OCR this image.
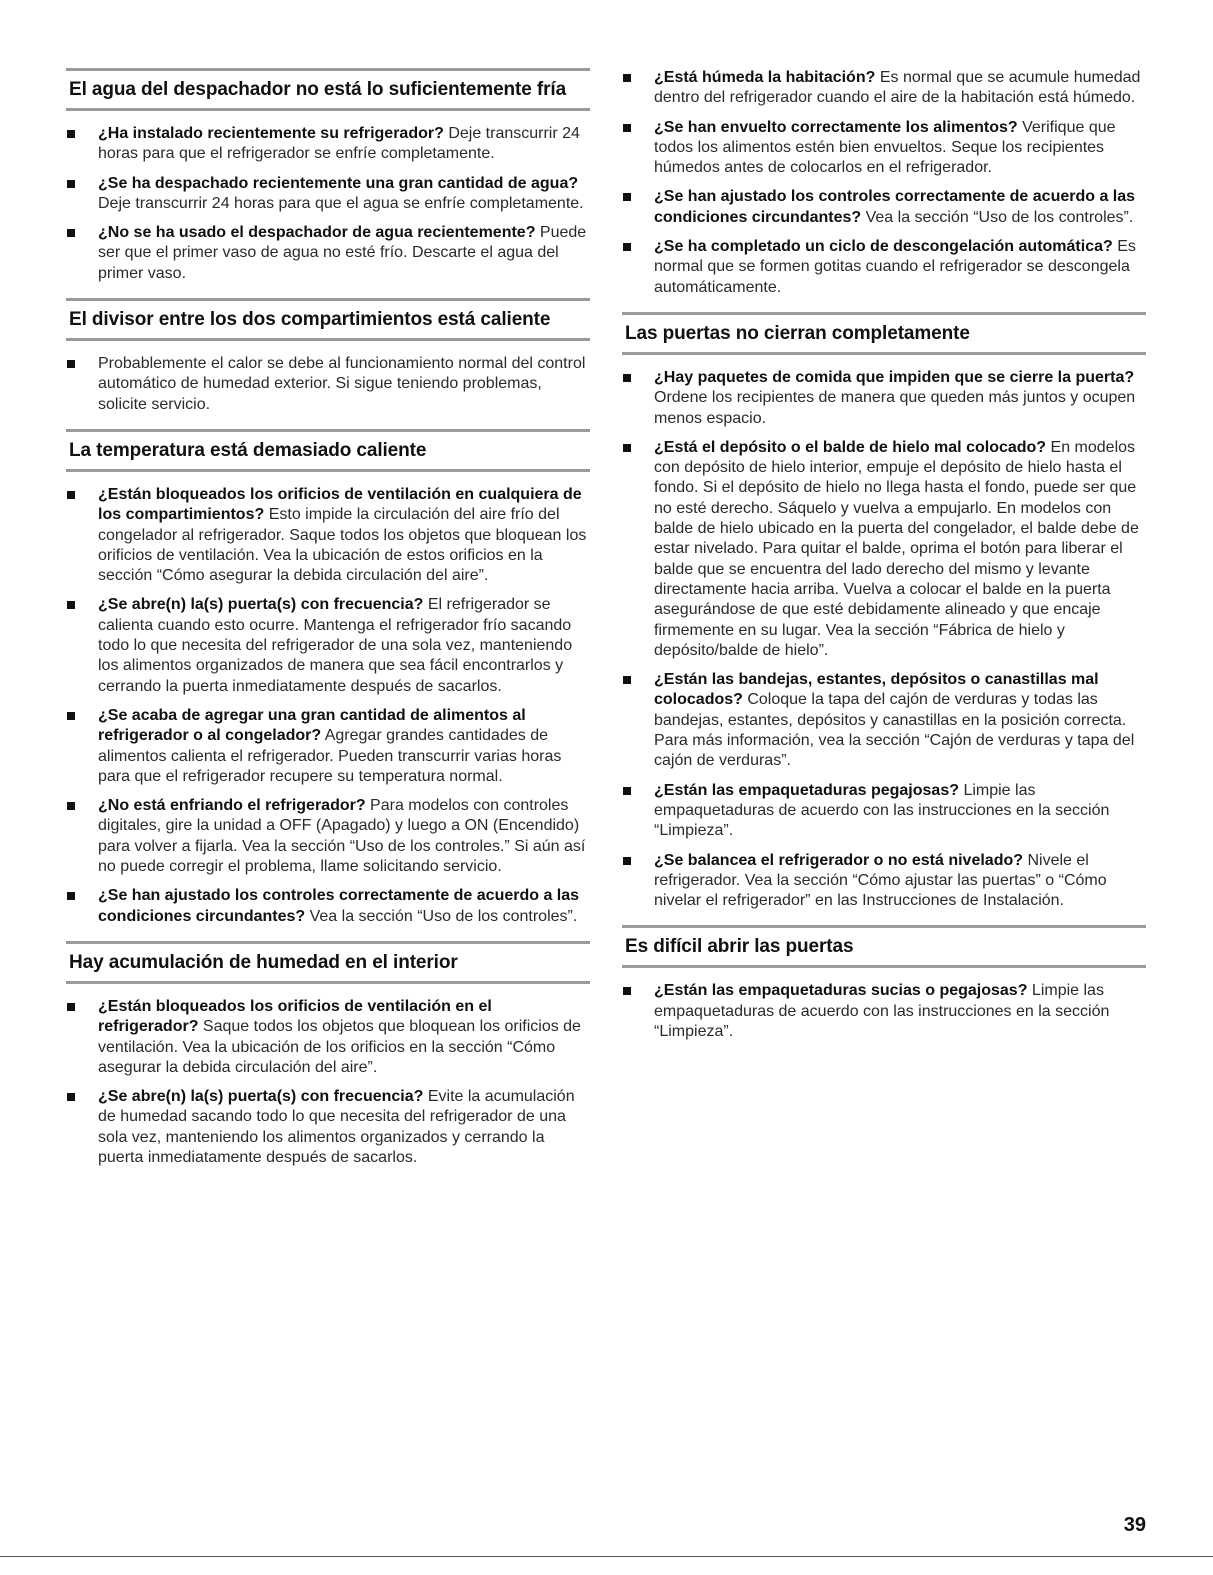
El agua del despachador no está lo suficientemente fría
¿Ha instalado recientemente su refrigerador? Deje transcurrir 24 horas para que el refrigerador se enfríe completamente.
¿Se ha despachado recientemente una gran cantidad de agua? Deje transcurrir 24 horas para que el agua se enfríe completamente.
¿No se ha usado el despachador de agua recientemente? Puede ser que el primer vaso de agua no esté frío. Descarte el agua del primer vaso.
El divisor entre los dos compartimientos está caliente
Probablemente el calor se debe al funcionamiento normal del control automático de humedad exterior. Si sigue teniendo problemas, solicite servicio.
La temperatura está demasiado caliente
¿Están bloqueados los orificios de ventilación en cualquiera de los compartimientos? Esto impide la circulación del aire frío del congelador al refrigerador. Saque todos los objetos que bloquean los orificios de ventilación. Vea la ubicación de estos orificios en la sección “Cómo asegurar la debida circulación del aire”.
¿Se abre(n) la(s) puerta(s) con frecuencia? El refrigerador se calienta cuando esto ocurre. Mantenga el refrigerador frío sacando todo lo que necesita del refrigerador de una sola vez, manteniendo los alimentos organizados de manera que sea fácil encontrarlos y cerrando la puerta inmediatamente después de sacarlos.
¿Se acaba de agregar una gran cantidad de alimentos al refrigerador o al congelador? Agregar grandes cantidades de alimentos calienta el refrigerador. Pueden transcurrir varias horas para que el refrigerador recupere su temperatura normal.
¿No está enfriando el refrigerador? Para modelos con controles digitales, gire la unidad a OFF (Apagado) y luego a ON (Encendido) para volver a fijarla. Vea la sección “Uso de los controles.” Si aún así no puede corregir el problema, llame solicitando servicio.
¿Se han ajustado los controles correctamente de acuerdo a las condiciones circundantes? Vea la sección “Uso de los controles”.
Hay acumulación de humedad en el interior
¿Están bloqueados los orificios de ventilación en el refrigerador? Saque todos los objetos que bloquean los orificios de ventilación. Vea la ubicación de los orificios en la sección “Cómo asegurar la debida circulación del aire”.
¿Se abre(n) la(s) puerta(s) con frecuencia? Evite la acumulación de humedad sacando todo lo que necesita del refrigerador de una sola vez, manteniendo los alimentos organizados y cerrando la puerta inmediatamente después de sacarlos.
¿Está húmeda la habitación? Es normal que se acumule humedad dentro del refrigerador cuando el aire de la habitación está húmedo.
¿Se han envuelto correctamente los alimentos? Verifique que todos los alimentos estén bien envueltos. Seque los recipientes húmedos antes de colocarlos en el refrigerador.
¿Se han ajustado los controles correctamente de acuerdo a las condiciones circundantes? Vea la sección “Uso de los controles”.
¿Se ha completado un ciclo de descongelación automática? Es normal que se formen gotitas cuando el refrigerador se descongela automáticamente.
Las puertas no cierran completamente
¿Hay paquetes de comida que impiden que se cierre la puerta? Ordene los recipientes de manera que queden más juntos y ocupen menos espacio.
¿Está el depósito o el balde de hielo mal colocado? En modelos con depósito de hielo interior, empuje el depósito de hielo hasta el fondo. Si el depósito de hielo no llega hasta el fondo, puede ser que no esté derecho. Sáquelo y vuelva a empujarlo. En modelos con balde de hielo ubicado en la puerta del congelador, el balde debe de estar nivelado. Para quitar el balde, oprima el botón para liberar el balde que se encuentra del lado derecho del mismo y levante directamente hacia arriba. Vuelva a colocar el balde en la puerta asegurándose de que esté debidamente alineado y que encaje firmemente en su lugar. Vea la sección “Fábrica de hielo y depósito/balde de hielo”.
¿Están las bandejas, estantes, depósitos o canastillas mal colocados? Coloque la tapa del cajón de verduras y todas las bandejas, estantes, depósitos y canastillas en la posición correcta. Para más información, vea la sección “Cajón de verduras y tapa del cajón de verduras”.
¿Están las empaquetaduras pegajosas? Limpie las empaquetaduras de acuerdo con las instrucciones en la sección “Limpieza”.
¿Se balancea el refrigerador o no está nivelado? Nivele el refrigerador. Vea la sección “Cómo ajustar las puertas” o “Cómo nivelar el refrigerador” en las Instrucciones de Instalación.
Es difícil abrir las puertas
¿Están las empaquetaduras sucias o pegajosas? Limpie las empaquetaduras de acuerdo con las instrucciones en la sección “Limpieza”.
39
